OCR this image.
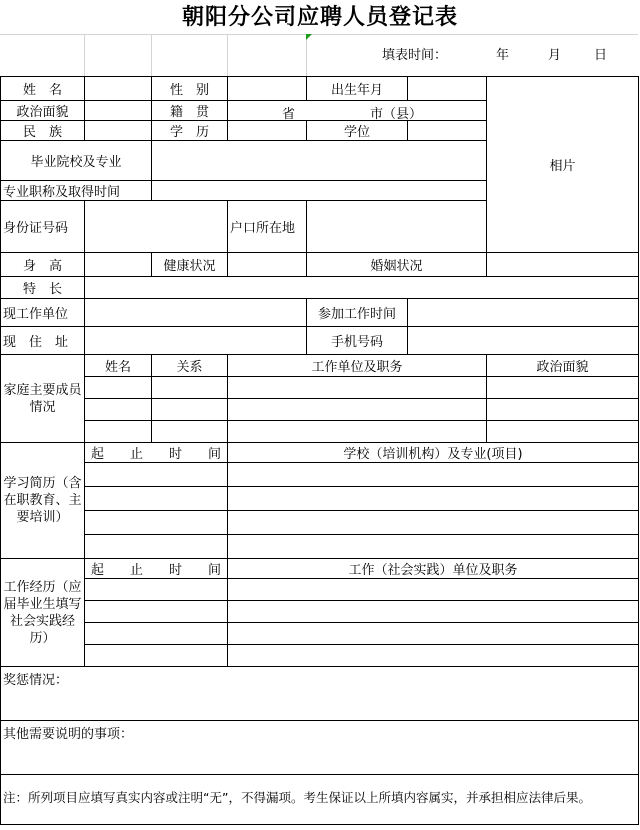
朝阳分公司应聘人员登记表
填表时间：	年	月	日
姓　名		性　别		出生年月		相片
政治面貌		籍　贯	省 市（县）			

民　族		学　历		学位		
毕业院校及专业						
专业职称及取得时间						
身份证号码			户口所在地			
身　高		健康状况		婚姻状况		
特　长						
现工作单位				参加工作时间		
现　住　址				手机号码		
家庭主要成员情况	姓名	关系	工作单位及职务			政治面貌

学习简历（含在职教育、主要培训）	起　　止　　时　　间		学校（培训机构）及专业(项目)			

工作经历（应届毕业生填写社会实践经历）	起　　止　　时　　间		工作（社会实践）单位及职务			

奖惩情况：						
其他需要说明的事项：						
注：所列项目应填写真实内容或注明“无”，不得漏项。考生保证以上所填内容属实，并承担相应法律后果。						
